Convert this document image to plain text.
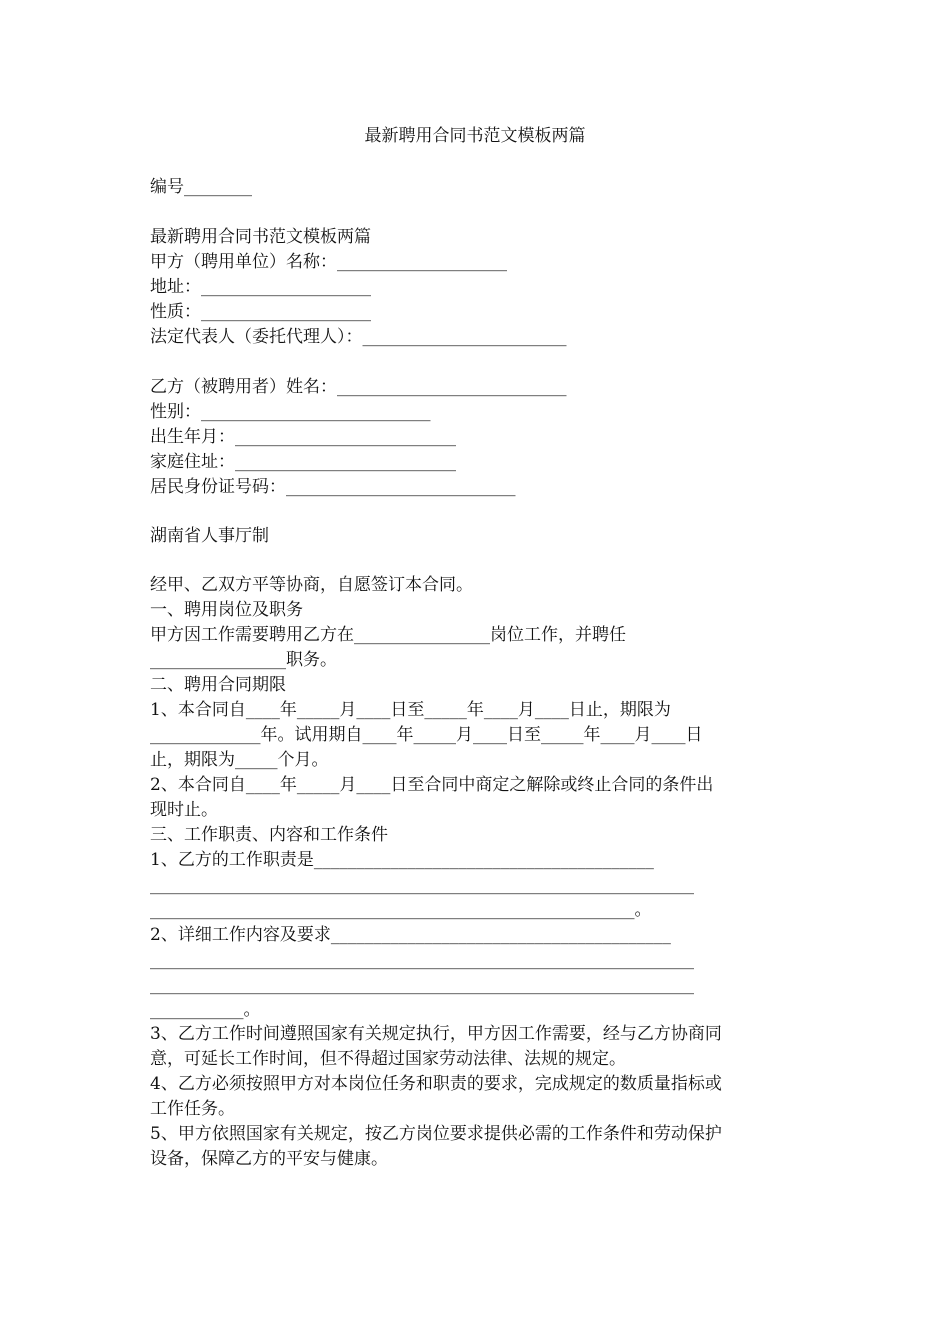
最新聘用合同书范文模板两篇
编号________
最新聘用合同书范文模板两篇
甲方（聘用单位）名称：____________________
地址：____________________
性质：____________________
法定代表人（委托代理人）：________________________
乙方（被聘用者）姓名：___________________________
性别：___________________________
出生年月：__________________________
家庭住址：__________________________
居民身份证号码：___________________________
湖南省人事厅制
经甲、乙双方平等协商，自愿签订本合同。
一、聘用岗位及职务
甲方因工作需要聘用乙方在________________岗位工作，并聘任
________________职务。
二、聘用合同期限
1、本合同自____年_____月____日至_____年____月____日止，期限为
_____________年。试用期自____年_____月____日至_____年____月____日
止，期限为_____个月。
2、本合同自____年_____月____日至合同中商定之解除或终止合同的条件出
现时止。
三、工作职责、内容和工作条件
1、乙方的工作职责是________________________________________
________________________________________________________________
_________________________________________________________。
2、详细工作内容及要求________________________________________
________________________________________________________________
________________________________________________________________
___________。
3、乙方工作时间遵照国家有关规定执行，甲方因工作需要，经与乙方协商同
意，可延长工作时间，但不得超过国家劳动法律、法规的规定。
4、乙方必须按照甲方对本岗位任务和职责的要求，完成规定的数质量指标或
工作任务。
5、甲方依照国家有关规定，按乙方岗位要求提供必需的工作条件和劳动保护
设备，保障乙方的平安与健康。
